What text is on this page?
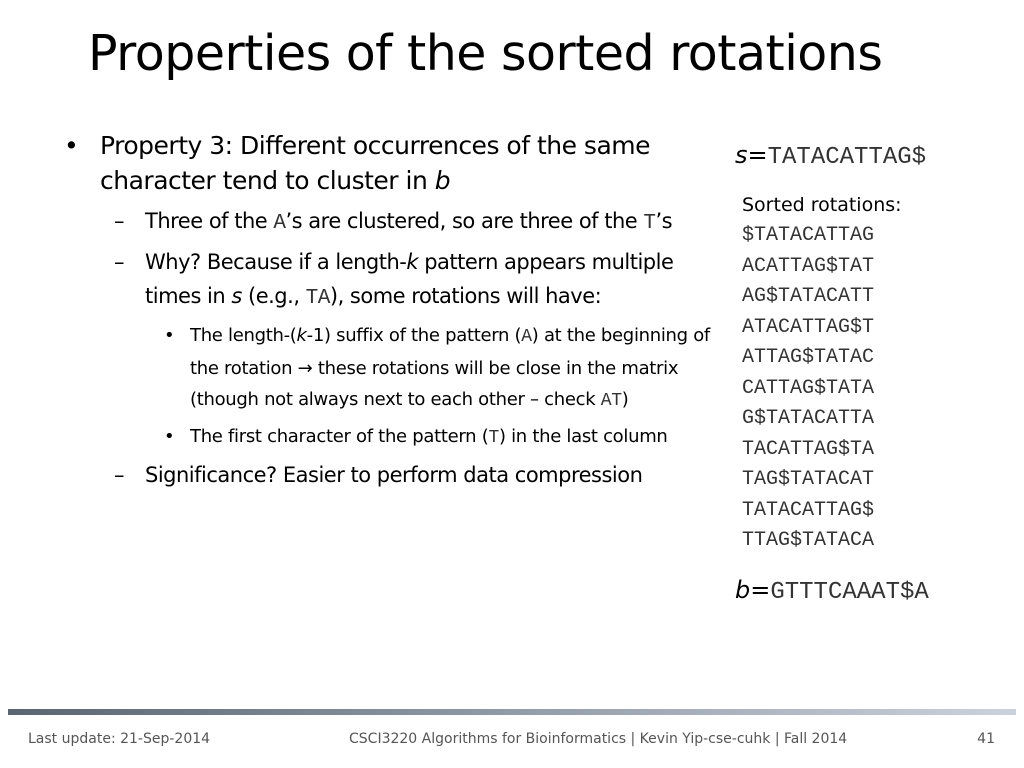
Properties of the sorted rotations
• Property 3: Different occurrences of the same character tend to cluster in b
– Three of the A’s are clustered, so are three of the T’s
– Why? Because if a length-k pattern appears multiple times in s (e.g., TA), some rotations will have:
• The length-(k-1) suffix of the pattern (A) at the beginning of the rotation → these rotations will be close in the matrix (though not always next to each other – check AT)
• The first character of the pattern (T) in the last column
– Significance? Easier to perform data compression
s=TATACATTAG$
Sorted rotations:
$TATACATTAG
ACATTAG$TAT
AG$TATACATT
ATACATTAG$T
ATTAG$TATAC
CATTAG$TATA
G$TATACATTA
TACATTAG$TA
TAG$TATACAT
TATACATTAG$
TTAG$TATACA
b=GTTTCAAAT$A
Last update: 21-Sep-2014	CSCI3220 Algorithms for Bioinformatics | Kevin Yip-cse-cuhk | Fall 2014	41
